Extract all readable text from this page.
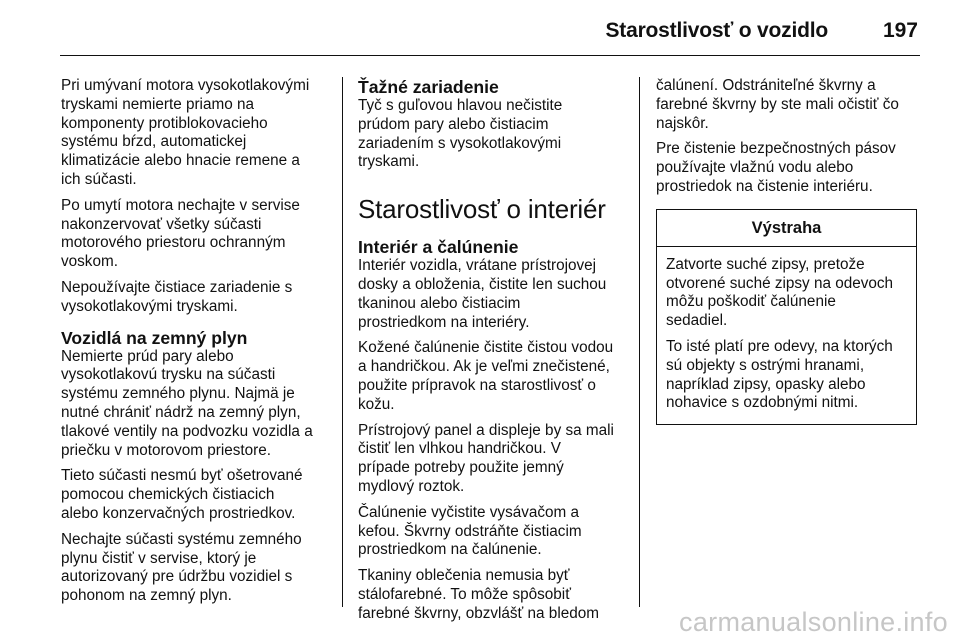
Starostlivosť o vozidlo	197

Pri umývaní motora vysokotlakovými
tryskami nemierte priamo na
komponenty protiblokovacieho
systému bŕzd, automatickej
klimatizácie alebo hnacie remene a
ich súčasti.

Po umytí motora nechajte v servise
nakonzervovať všetky súčasti
motorového priestoru ochranným
voskom.

Nepoužívajte čistiace zariadenie s
vysokotlakovými tryskami.

Vozidlá na zemný plyn

Nemierte prúd pary alebo
vysokotlakovú trysku na súčasti
systému zemného plynu. Najmä je
nutné chrániť nádrž na zemný plyn,
tlakové ventily na podvozku vozidla a
priečku v motorovom priestore.

Tieto súčasti nesmú byť ošetrované
pomocou chemických čistiacich
alebo konzervačných prostriedkov.

Nechajte súčasti systému zemného
plynu čistiť v servise, ktorý je
autorizovaný pre údržbu vozidiel s
pohonom na zemný plyn.

Ťažné zariadenie

Tyč s guľovou hlavou nečistite
prúdom pary alebo čistiacim
zariadením s vysokotlakovými
tryskami.

Starostlivosť o interiér
Interiér a čalúnenie

Interiér vozidla, vrátane prístrojovej
dosky a obloženia, čistite len suchou
tkaninou alebo čistiacim
prostriedkom na interiéry.

Kožené čalúnenie čistite čistou vodou
a handričkou. Ak je veľmi znečistené,
použite prípravok na starostlivosť o
kožu.

Prístrojový panel a displeje by sa mali
čistiť len vlhkou handričkou. V
prípade potreby použite jemný
mydlový roztok.

Čalúnenie vyčistite vysávačom a
kefou. Škvrny odstráňte čistiacim
prostriedkom na čalúnenie.

Tkaniny oblečenia nemusia byť
stálofarebné. To môže spôsobiť
farebné škvrny, obzvlášť na bledom

čalúnení. Odstrániteľné škvrny a
farebné škvrny by ste mali očistiť čo
najskôr.

Pre čistenie bezpečnostných pásov
používajte vlažnú vodu alebo
prostriedok na čistenie interiéru.

Výstraha

Zatvorte suché zipsy, pretože
otvorené suché zipsy na odevoch
môžu poškodiť čalúnenie
sedadiel.

To isté platí pre odevy, na ktorých
sú objekty s ostrými hranami,
napríklad zipsy, opasky alebo
nohavice s ozdobnými nitmi.

carmanualsonline.info
